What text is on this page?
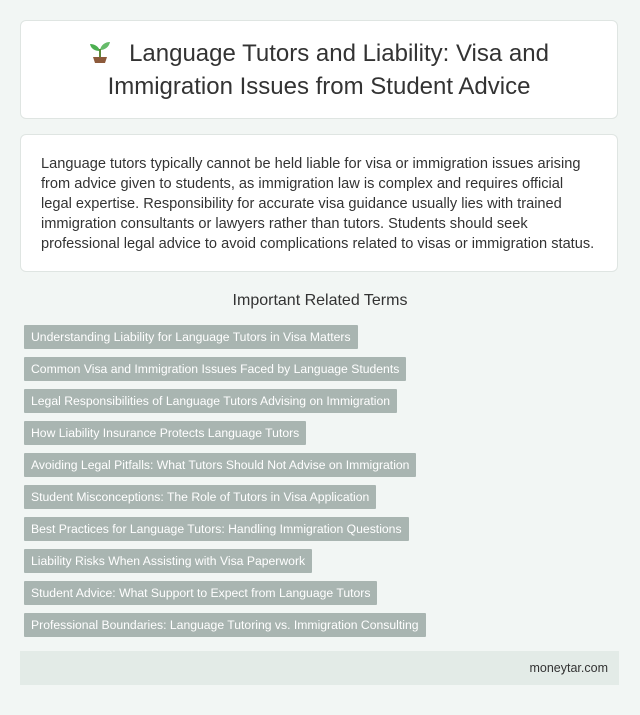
Language Tutors and Liability: Visa and Immigration Issues from Student Advice

Language tutors typically cannot be held liable for visa or immigration issues arising from advice given to students, as immigration law is complex and requires official legal expertise. Responsibility for accurate visa guidance usually lies with trained immigration consultants or lawyers rather than tutors. Students should seek professional legal advice to avoid complications related to visas or immigration status.

Important Related Terms
Understanding Liability for Language Tutors in Visa Matters
Common Visa and Immigration Issues Faced by Language Students
Legal Responsibilities of Language Tutors Advising on Immigration
How Liability Insurance Protects Language Tutors
Avoiding Legal Pitfalls: What Tutors Should Not Advise on Immigration
Student Misconceptions: The Role of Tutors in Visa Application
Best Practices for Language Tutors: Handling Immigration Questions
Liability Risks When Assisting with Visa Paperwork
Student Advice: What Support to Expect from Language Tutors
Professional Boundaries: Language Tutoring vs. Immigration Consulting
moneytar.com
